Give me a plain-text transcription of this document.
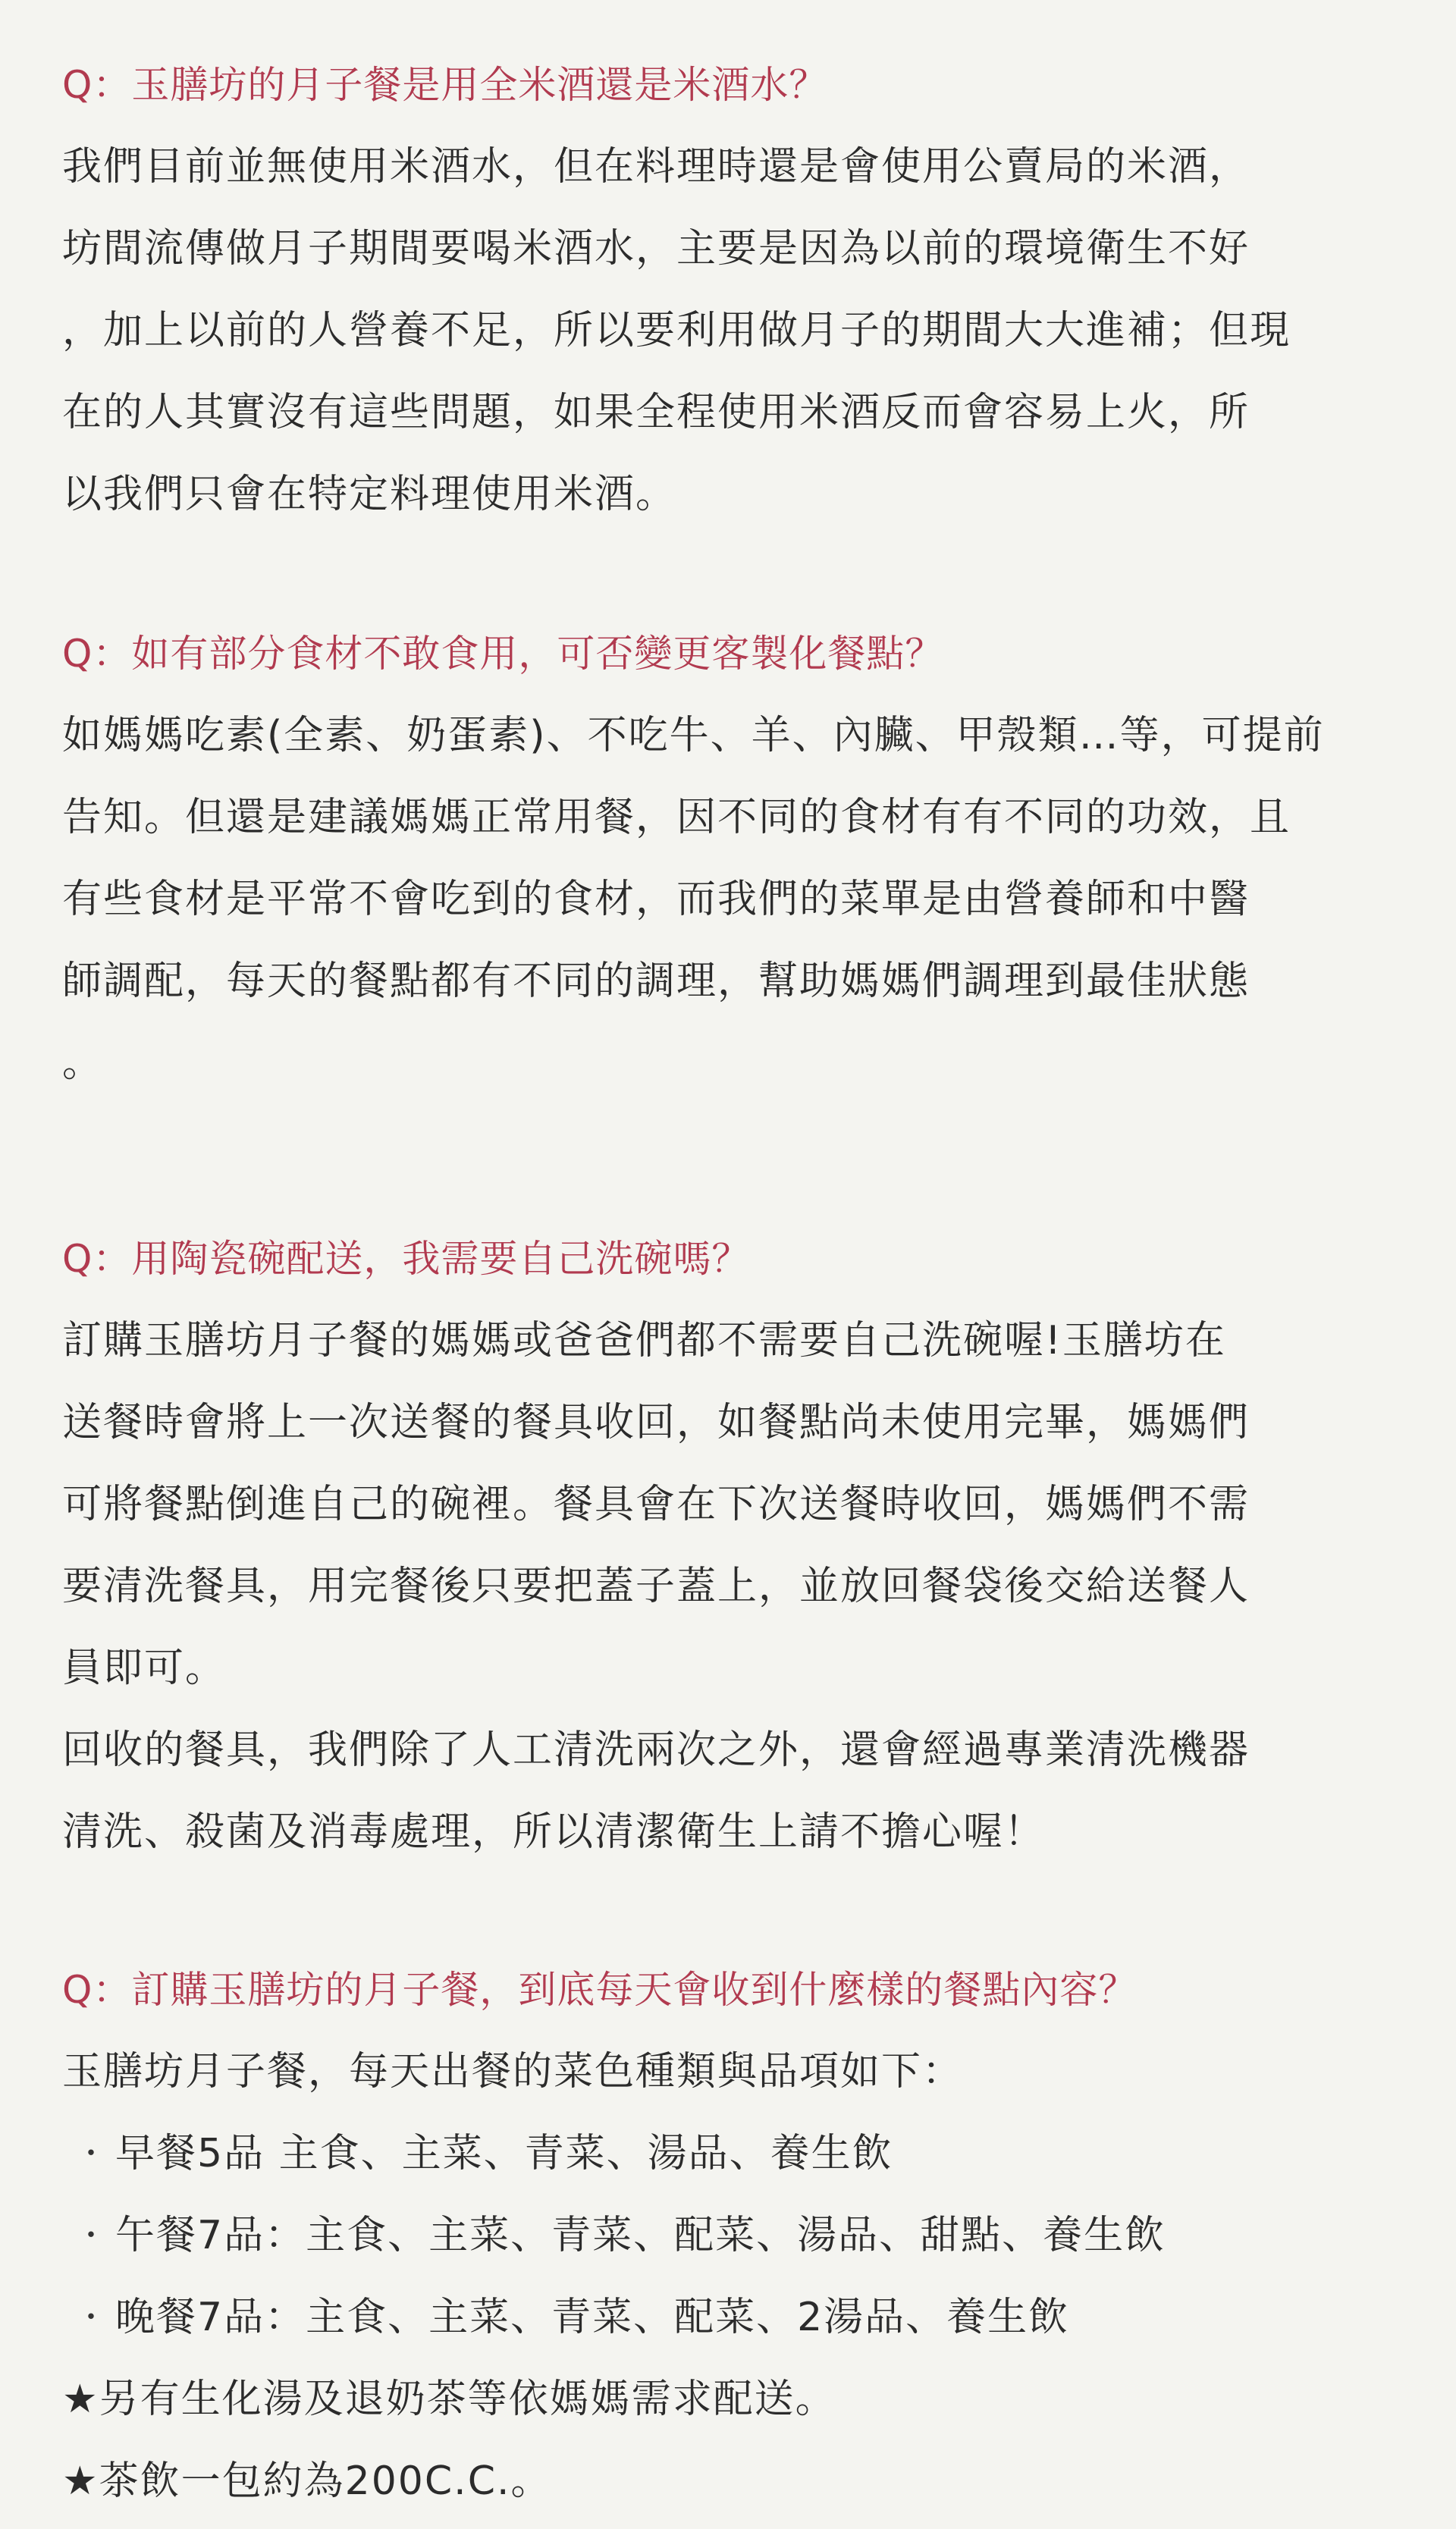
Q：玉膳坊的月子餐是用全米酒還是米酒水？

我們目前並無使用米酒水，但在料理時還是會使用公賣局的米酒，

坊間流傳做月子期間要喝米酒水，主要是因為以前的環境衛生不好

，加上以前的人營養不足，所以要利用做月子的期間大大進補；但現

在的人其實沒有這些問題，如果全程使用米酒反而會容易上火，所

以我們只會在特定料理使用米酒。

Q：如有部分食材不敢食用，可否變更客製化餐點？

如媽媽吃素(全素、奶蛋素)、不吃牛、羊、內臟、甲殼類…等，可提前

告知。但還是建議媽媽正常用餐，因不同的食材有有不同的功效，且

有些食材是平常不會吃到的食材，而我們的菜單是由營養師和中醫

師調配，每天的餐點都有不同的調理，幫助媽媽們調理到最佳狀態

。

Q：用陶瓷碗配送，我需要自己洗碗嗎？

訂購玉膳坊月子餐的媽媽或爸爸們都不需要自己洗碗喔!玉膳坊在

送餐時會將上一次送餐的餐具收回，如餐點尚未使用完畢，媽媽們

可將餐點倒進自己的碗裡。餐具會在下次送餐時收回，媽媽們不需

要清洗餐具，用完餐後只要把蓋子蓋上，並放回餐袋後交給送餐人

員即可。

回收的餐具，我們除了人工清洗兩次之外，還會經過專業清洗機器

清洗、殺菌及消毒處理，所以清潔衛生上請不擔心喔！

Q：訂購玉膳坊的月子餐，到底每天會收到什麼樣的餐點內容？

玉膳坊月子餐，每天出餐的菜色種類與品項如下：

・ 早餐5品 主食、主菜、青菜、湯品、養生飲
・ 午餐7品：主食、主菜、青菜、配菜、湯品、甜點、養生飲
・ 晚餐7品：主食、主菜、青菜、配菜、2湯品、養生飲

★另有生化湯及退奶茶等依媽媽需求配送。

★茶飲一包約為200C.C.。
